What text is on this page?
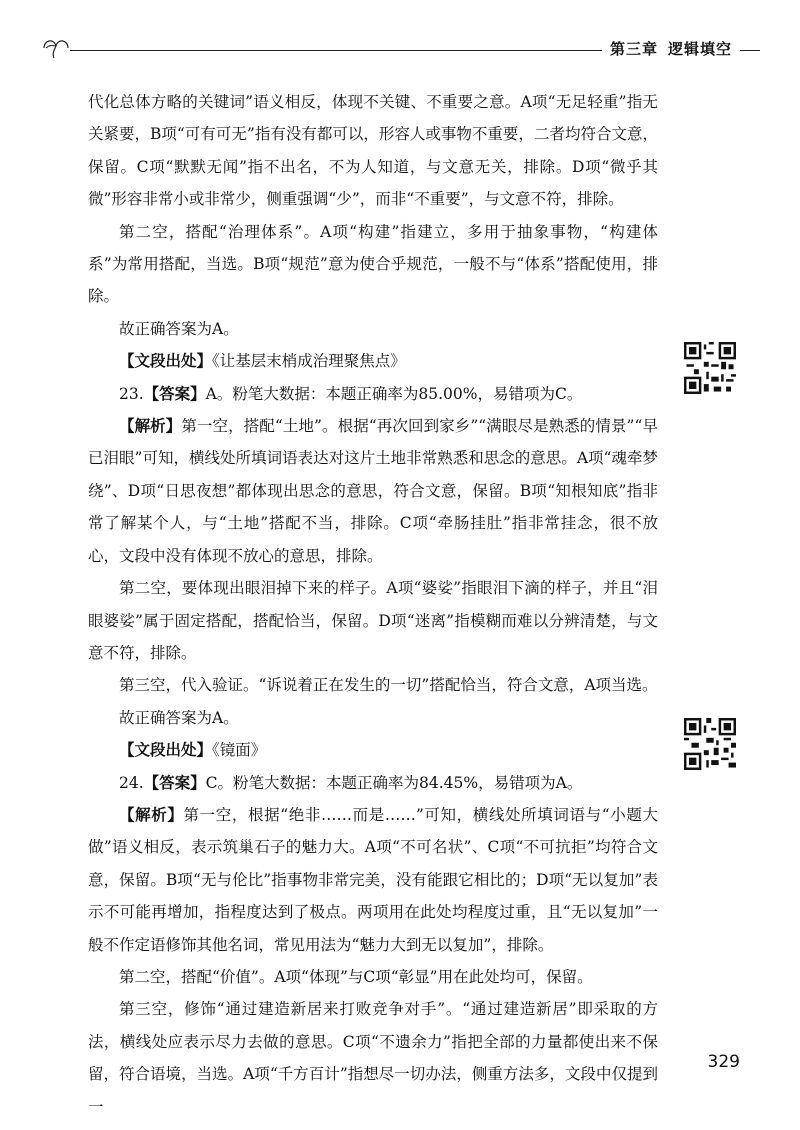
第三章 逻辑填空

代化总体方略的关键词”语义相反，体现不关键、不重要之意。A项“无足轻重”指无关紧要，B项“可有可无”指有没有都可以，形容人或事物不重要，二者均符合文意，保留。C项“默默无闻”指不出名，不为人知道，与文意无关，排除。D项“微乎其微”形容非常小或非常少，侧重强调“少”，而非“不重要”，与文意不符，排除。

第二空，搭配“治理体系”。A项“构建”指建立，多用于抽象事物，“构建体系”为常用搭配，当选。B项“规范”意为使合乎规范，一般不与“体系”搭配使用，排除。

故正确答案为A。

【文段出处】《让基层末梢成治理聚焦点》

23.【答案】A。粉笔大数据：本题正确率为85.00%，易错项为C。

【解析】第一空，搭配“土地”。根据“再次回到家乡”“满眼尽是熟悉的情景”“早已泪眼”可知，横线处所填词语表达对这片土地非常熟悉和思念的意思。A项“魂牵梦绕”、D项“日思夜想”都体现出思念的意思，符合文意，保留。B项“知根知底”指非常了解某个人，与“土地”搭配不当，排除。C项“牵肠挂肚”指非常挂念，很不放心，文段中没有体现不放心的意思，排除。

第二空，要体现出眼泪掉下来的样子。A项“婆娑”指眼泪下滴的样子，并且“泪眼婆娑”属于固定搭配，搭配恰当，保留。D项“迷离”指模糊而难以分辨清楚，与文意不符，排除。

第三空，代入验证。“诉说着正在发生的一切”搭配恰当，符合文意，A项当选。

故正确答案为A。

【文段出处】《镜面》

24.【答案】C。粉笔大数据：本题正确率为84.45%，易错项为A。

【解析】第一空，根据“绝非……而是……”可知，横线处所填词语与“小题大做”语义相反，表示筑巢石子的魅力大。A项“不可名状”、C项“不可抗拒”均符合文意，保留。B项“无与伦比”指事物非常完美，没有能跟它相比的；D项“无以复加”表示不可能再增加，指程度达到了极点。两项用在此处均程度过重，且“无以复加”一般不作定语修饰其他名词，常见用法为“魅力大到无以复加”，排除。

第二空，搭配“价值”。A项“体现”与C项“彰显”用在此处均可，保留。

第三空，修饰“通过建造新居来打败竞争对手”。“通过建造新居”即采取的方法，横线处应表示尽力去做的意思。C项“不遗余力”指把全部的力量都使出来不保留，符合语境，当选。A项“千方百计”指想尽一切办法，侧重方法多，文段中仅提到一

329
